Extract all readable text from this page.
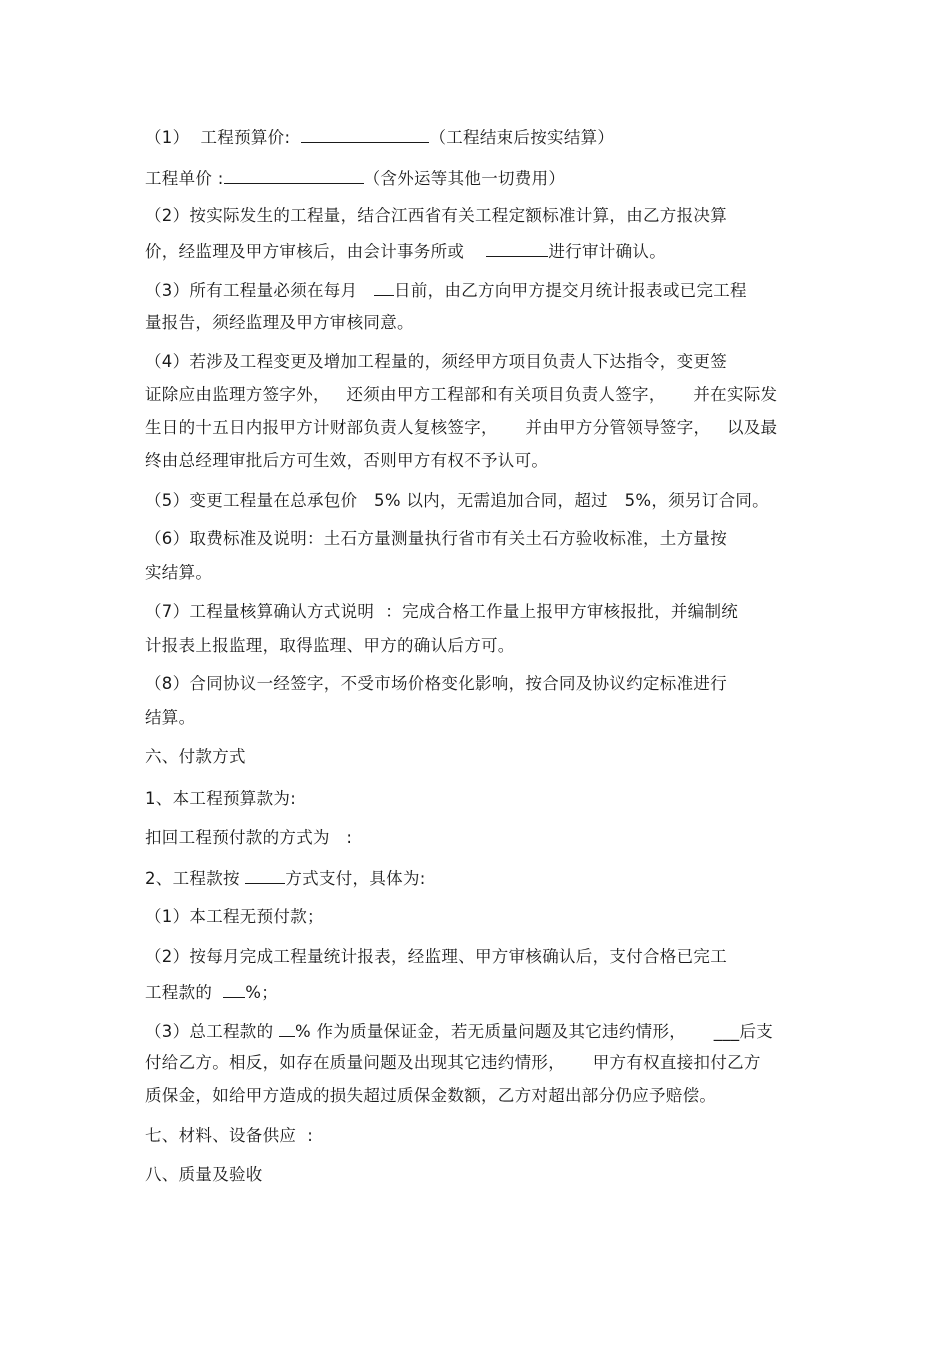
（1）  工程预算价:	（工程结束后按实结算）
工程单价 :	（含外运等其他一切费用）
（2）按实际发生的工程量，结合江西省有关工程定额标准计算，由乙方报决算
价，经监理及甲方审核后，由会计事务所或	进行审计确认。
（3）所有工程量必须在每月   日前，由乙方向甲方提交月统计报表或已完工程
量报告，须经监理及甲方审核同意。
（4）若涉及工程变更及增加工程量的，须经甲方项目负责人下达指令，变更签
证除应由监理方签字外，   还须由甲方工程部和有关项目负责人签字，     并在实际发
生日的十五日内报甲方计财部负责人复核签字，     并由甲方分管领导签字，   以及最
终由总经理审批后方可生效，否则甲方有权不予认可。
（5）变更工程量在总承包价   5% 以内，无需追加合同，超过   5%，须另订合同。
（6）取费标准及说明：土石方量测量执行省市有关土石方验收标准，土方量按
实结算。
（7）工程量核算确认方式说明  ：完成合格工作量上报甲方审核报批，并编制统
计报表上报监理，取得监理、甲方的确认后方可。
（8）合同协议一经签字，不受市场价格变化影响，按合同及协议约定标准进行
结算。
六、付款方式
1、本工程预算款为:
扣回工程预付款的方式为   :
2、工程款按 方式支付，具体为:
（1）本工程无预付款；
（2）按每月完成工程量统计报表，经监理、甲方审核确认后，支付合格已完工
工程款的  %；
（3）总工程款的 % 作为质量保证金，若无质量问题及其它违约情形，     ___后支
付给乙方。相反，如存在质量问题及出现其它违约情形，     甲方有权直接扣付乙方
质保金，如给甲方造成的损失超过质保金数额，乙方对超出部分仍应予赔偿。
七、材料、设备供应  :
八、质量及验收
